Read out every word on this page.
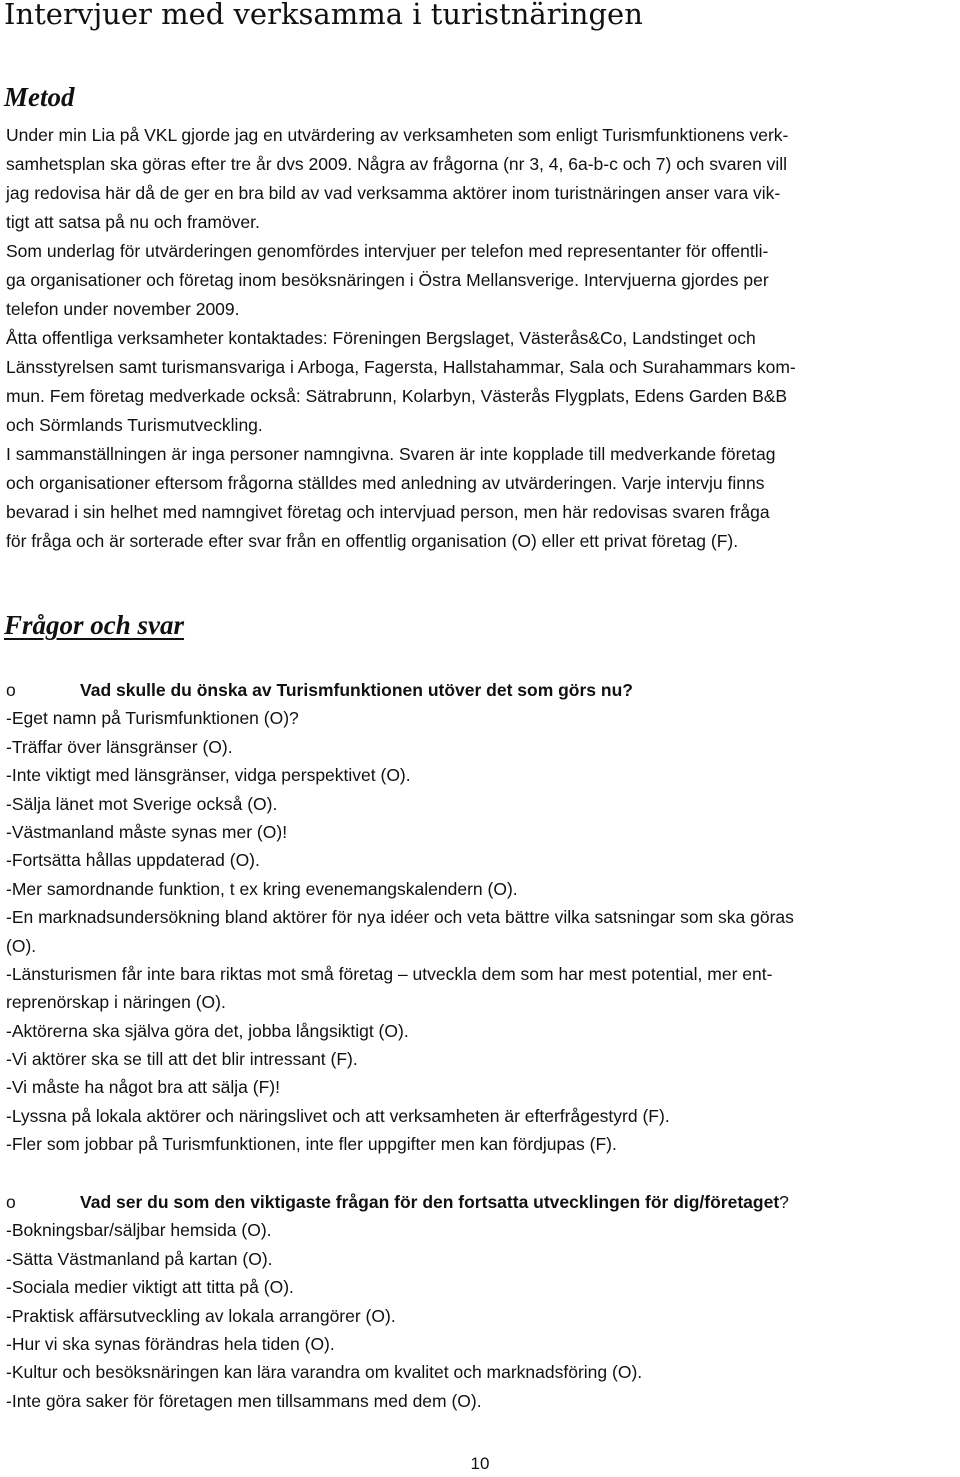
Intervjuer med verksamma i turistnäringen
Metod
Under min Lia på VKL gjorde jag en utvärdering av verksamheten som enligt Turismfunktionens verk-
samhetsplan ska göras efter tre år dvs 2009. Några av frågorna (nr 3, 4, 6a-b-c och 7) och svaren vill
jag redovisa här då de ger en bra bild av vad verksamma aktörer inom turistnäringen anser vara vik-
tigt att satsa på nu och framöver.
Som underlag för utvärderingen genomfördes intervjuer per telefon med representanter för offentli-
ga organisationer och företag inom besöksnäringen i Östra Mellansverige. Intervjuerna gjordes per
telefon under november 2009.
Åtta offentliga verksamheter kontaktades: Föreningen Bergslaget, Västerås&Co, Landstinget och
Länsstyrelsen samt turismansvariga i Arboga, Fagersta, Hallstahammar, Sala och Surahammars kom-
mun. Fem företag medverkade också: Sätrabrunn, Kolarbyn, Västerås Flygplats, Edens Garden B&B
och Sörmlands Turismutveckling.
I sammanställningen är inga personer namngivna. Svaren är inte kopplade till medverkande företag
och organisationer eftersom frågorna ställdes med anledning av utvärderingen. Varje intervju finns
bevarad i sin helhet med namngivet företag och intervjuad person, men här redovisas svaren fråga
för fråga och är sorterade efter svar från en offentlig organisation (O) eller ett privat företag (F).
Frågor och svar
o	Vad skulle du önska av Turismfunktionen utöver det som görs nu?
-Eget namn på Turismfunktionen (O)?
-Träffar över länsgränser (O).
-Inte viktigt med länsgränser, vidga perspektivet (O).
-Sälja länet mot Sverige också (O).
-Västmanland måste synas mer (O)!
-Fortsätta hållas uppdaterad (O).
-Mer samordnande funktion, t ex kring evenemangskalendern (O).
-En marknadsundersökning bland aktörer för nya idéer och veta bättre vilka satsningar som ska göras
(O).
-Länsturismen får inte bara riktas mot små företag – utveckla dem som har mest potential, mer ent-
reprenörskap i näringen (O).
-Aktörerna ska själva göra det, jobba långsiktigt (O).
-Vi aktörer ska se till att det blir intressant (F).
-Vi måste ha något bra att sälja (F)!
-Lyssna på lokala aktörer och näringslivet och att verksamheten är efterfrågestyrd (F).
-Fler som jobbar på Turismfunktionen, inte fler uppgifter men kan fördjupas (F).
o	Vad ser du som den viktigaste frågan för den fortsatta utvecklingen för dig/företaget?
-Bokningsbar/säljbar hemsida (O).
-Sätta Västmanland på kartan (O).
-Sociala medier viktigt att titta på (O).
-Praktisk affärsutveckling av lokala arrangörer (O).
-Hur vi ska synas förändras hela tiden (O).
-Kultur och besöksnäringen kan lära varandra om kvalitet och marknadsföring (O).
-Inte göra saker för företagen men tillsammans med dem (O).
10
